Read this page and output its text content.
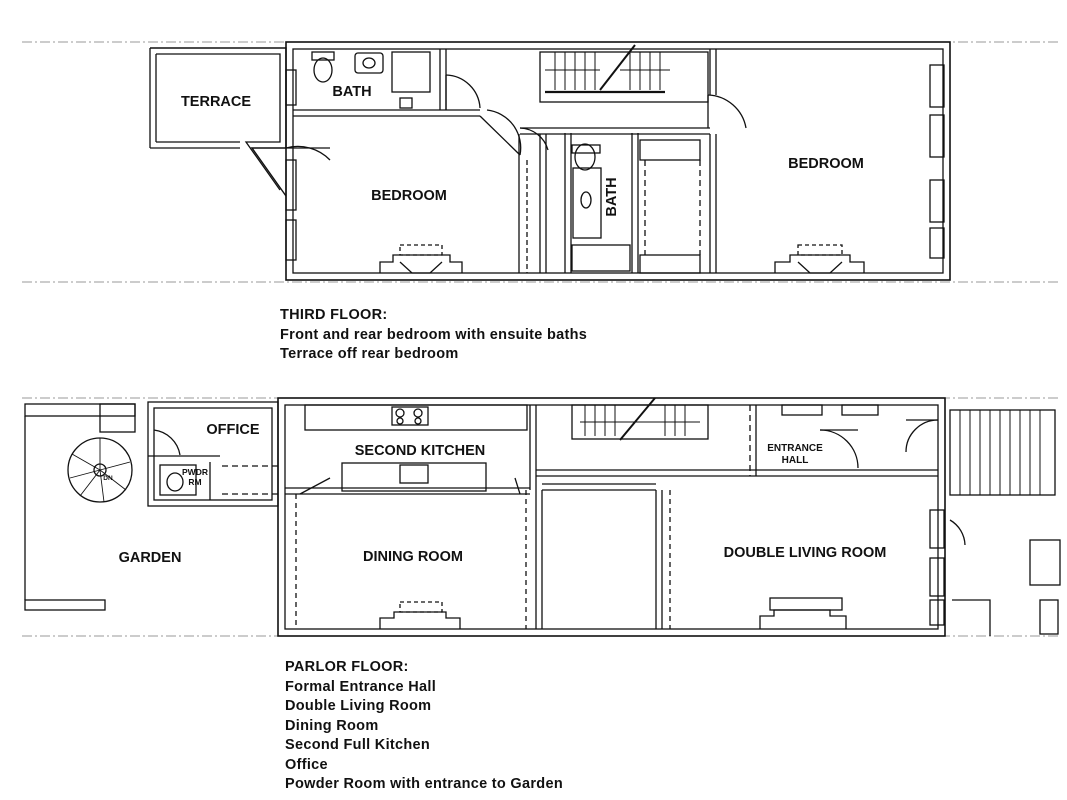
TERRACE
BATH
BEDROOM	BATH
BEDROOM
GARDEN
OFFICE
PWDR
RM
DN
SECOND KITCHEN	ENTRANCE
HALL
DINING ROOM	DOUBLE LIVING ROOM
THIRD FLOOR:
Front and rear bedroom with ensuite baths
Terrace off rear bedroom
PARLOR FLOOR:
Formal Entrance Hall
Double Living Room
Dining Room
Second Full Kitchen
Office
Powder Room with entrance to Garden
